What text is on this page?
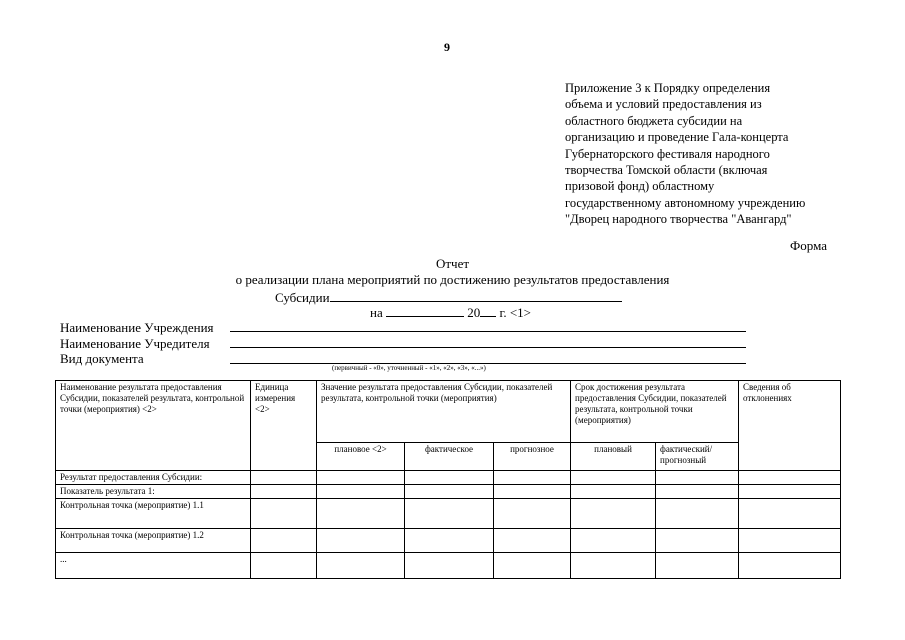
9
Приложение 3 к Порядку определения
объема и условий предоставления из
областного бюджета субсидии на
организацию и проведение Гала-концерта
Губернаторского фестиваля народного
творчества Томской области (включая
призовой фонд) областному
государственному автономному учреждению
"Дворец народного творчества "Авангард"
Форма
Отчет
о реализации плана мероприятий по достижению результатов предоставления
Субсидии
на	20 г. <1>
Наименование Учреждения
Наименование Учредителя
Вид документа
(первичный - «0», уточненный - «1», «2», «3», «...»)
Наименование результата предоставления Субсидии, показателей результата, контрольной точки (мероприятия) <2>	Единица измерения <2>	Значение результата предоставления Субсидии, показателей результата, контрольной точки (мероприятия)			Срок достижения результата предоставления Субсидии, показателей результата, контрольной точки (мероприятия)		Сведения об отклонениях
		плановое <2>	фактическое	прогнозное	плановый	фактический/ прогнозный	
Результат предоставления Субсидии:							
Показатель результата 1:							
Контрольная точка (мероприятие) 1.1							
Контрольная точка (мероприятие) 1.2							
...							
